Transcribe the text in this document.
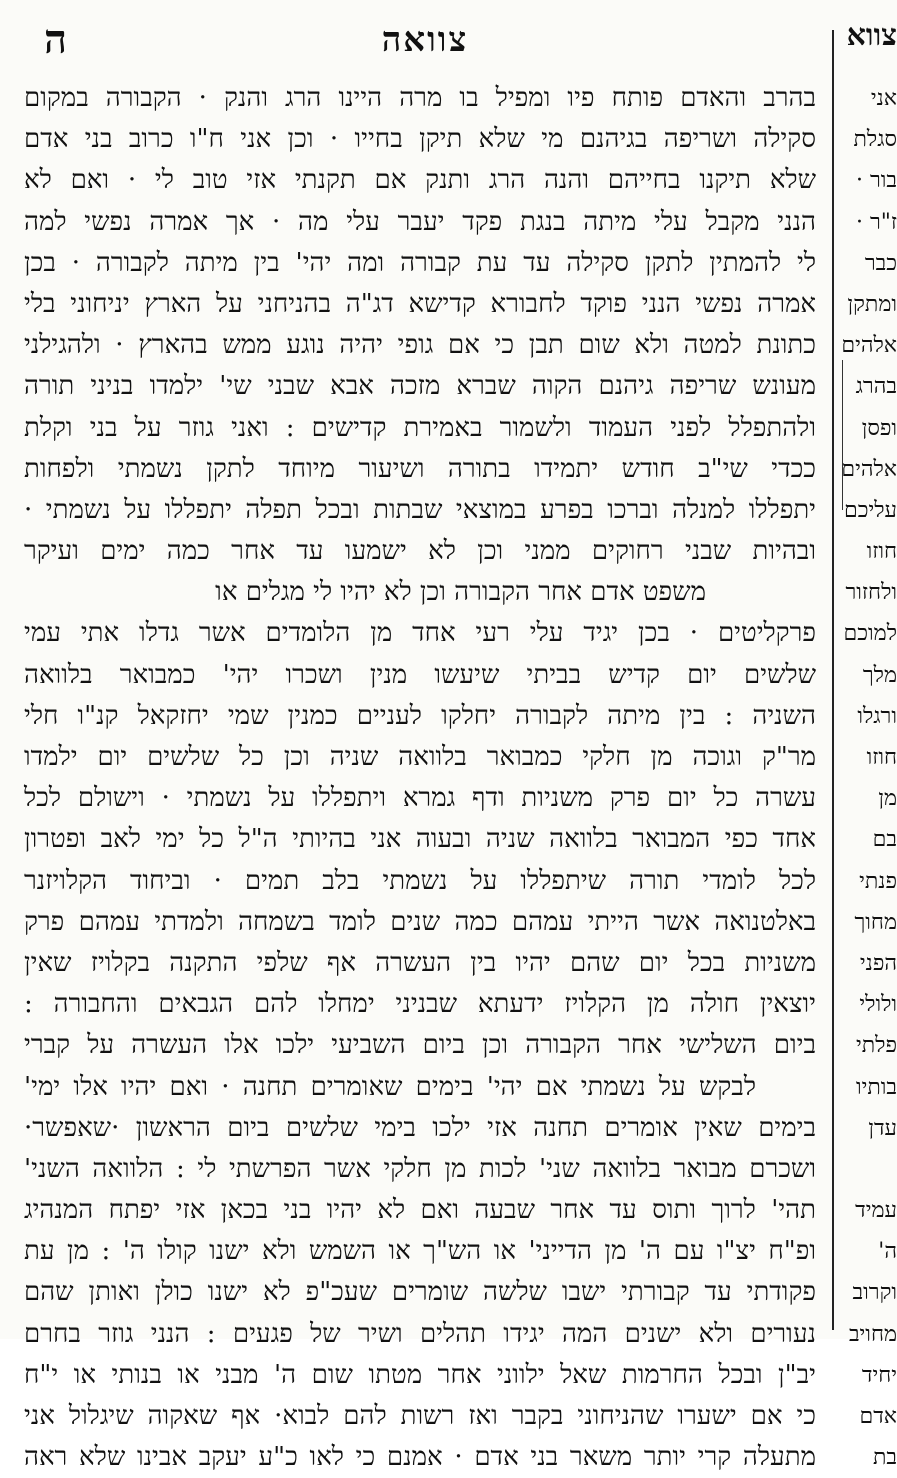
ה	צוואה	צווא
בהרב והאדם פותח פיו ומפיל בו מרה היינו הרג והנק · הקבורה במקום
סקילה ושריפה בגיהנם מי שלא תיקן בחייו · וכן אני ח"ו כרוב בני אדם
שלא תיקנו בחייהם והנה הרג ותנק אם תקנתי אזי טוב לי · ואם לא
הנני מקבל עלי מיתה בנגת פקד יעבר עלי מה · אך אמרה נפשי למה
לי להמתין לתקן סקילה עד עת קבורה ומה יהי' בין מיתה לקבורה · בכן
אמרה נפשי הנני פוקד לחבורא קדישא דג"ה בהניחני על הארץ יניחוני בלי
כתונת למטה ולא שום תבן כי אם גופי יהיה נוגע ממש בהארץ · ולהגילני
מעונש שריפה גיהנם הקוה שברא מזכה אבא שבני שי' ילמדו בניני תורה
ולהתפלל לפני העמוד ולשמור באמירת קדישים : ואני גוזר על בני וקלת
ככדי שי"ב חודש יתמידו בתורה ושיעור מיוחד לתקן נשמתי ולפחות
יתפללו למנלה וברכו בפרע במוצאי שבתות ובכל תפלה יתפללו על נשמתי ·
ובהיות שבני רחוקים ממני וכן לא ישמעו עד אחר כמה ימים ועיקר
משפט אדם אחר הקבורה וכן לא יהיו לי מגלים או
פרקליטים · בכן יגיד עלי רעי אחד מן הלומדים אשר גדלו אתי עמי
שלשים יום קדיש בביתי שיעשו מנין ושכרו יהי' כמבואר בלוואה
השניה : בין מיתה לקבורה יחלקו לעניים כמנין שמי יחזקאל קנ"ו חלי
מר"ק וגוכה מן חלקי כמבואר בלוואה שניה וכן כל שלשים יום ילמדו
עשרה כל יום פרק משניות ודף גמרא ויתפללו על נשמתי · וישולם לכל
אחד כפי המבואר בלוואה שניה ובעוה אני בהיותי ה"ל כל ימי לאב ופטרון
לכל לומדי תורה שיתפללו על נשמתי בלב תמים · וביחוד הקלויזנר
באלטנואה אשר הייתי עמהם כמה שנים לומד בשמחה ולמדתי עמהם פרק
משניות בכל יום שהם יהיו בין העשרה אף שלפי התקנה בקלויז שאין
יוצאין חולה מן הקלויז ידעתא שבניני ימחלו להם הגבאים והחבורה :
ביום השלישי אחר הקבורה וכן ביום השביעי ילכו אלו העשרה על קברי
לבקש על נשמתי אם יהי' בימים שאומרים תחנה · ואם יהיו אלו ימי'
בימים שאין אומרים תחנה אזי ילכו בימי שלשים ביום הראשון ·שאפשר·
ושכרם מבואר בלוואה שני' לכות מן חלקי אשר הפרשתי לי : הלוואה השני'
תהי' לרוך ותוס עד אחר שבעה ואם לא יהיו בני בכאן אזי יפתח המנהיג
ופ"ח יצ"ו עם ה' מן הדייני' או הש"ך או השמש ולא ישנו קולו ה' : מן עת
פקודתי עד קבורתי ישבו שלשה שומרים שעכ"פ לא ישנו כולן ואותן שהם
נעורים ולא ישנים המה יגידו תהלים ושיר של פגעים : הנני גוזר בחרם
יב"ן ובכל החרמות שאל ילווני אחר מטתו שום ה' מבני או בנותי או י"ח
כי אם ישערו שהניחוני בקבר ואז רשות להם לבוא· אף שאקוה שיגלול אני
מתעלה קרי יותר משאר בני אדם · אמנם כי לאו כ"ע יעקב אבינו שלא ראה
אני
סגלת
בור ·
ז"ר ·
כבר
ומתקן
אלהים
בהרג
ופסן
אלהים
עליכם
חוזו
ולחזור
למוכם
מלך
ורגלו
חוזו
מן
בם
פנתי
מחוך
הפני
ולולי
פלתי
בותיו
עדן
עמיד
ה'
וקרוב
מחויב
יחיד
אדם
בת
